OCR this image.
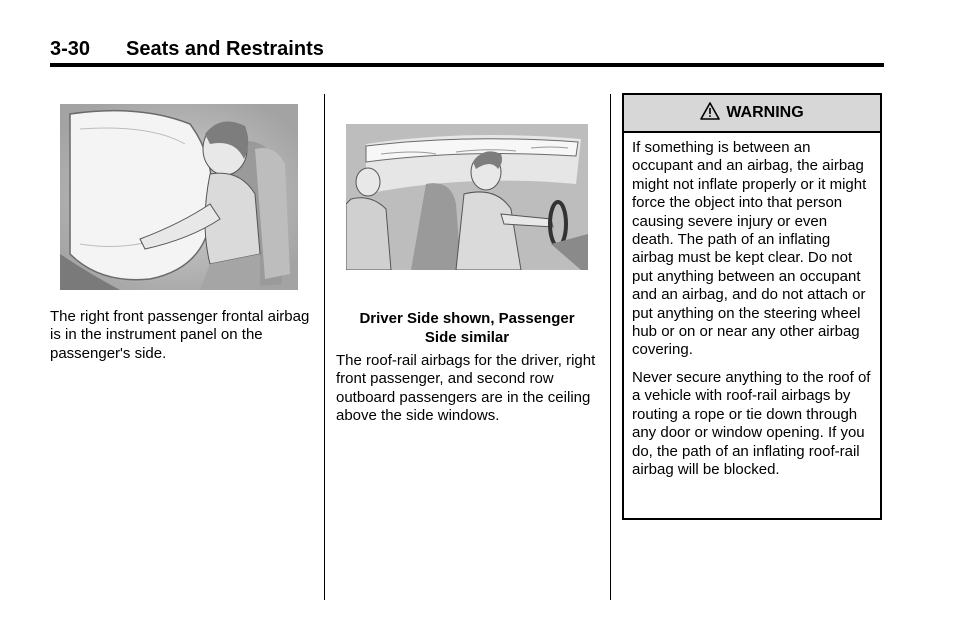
3-30 Seats and Restraints
The right front passenger frontal airbag is in the instrument panel on the passenger's side.
Driver Side shown, Passenger Side similar
The roof-rail airbags for the driver, right front passenger, and second row outboard passengers are in the ceiling above the side windows.
WARNING

If something is between an occupant and an airbag, the airbag might not inflate properly or it might force the object into that person causing severe injury or even death. The path of an inflating airbag must be kept clear. Do not put anything between an occupant and an airbag, and do not attach or put anything on the steering wheel hub or on or near any other airbag covering.

Never secure anything to the roof of a vehicle with roof-rail airbags by routing a rope or tie down through any door or window opening. If you do, the path of an inflating roof-rail airbag will be blocked.
